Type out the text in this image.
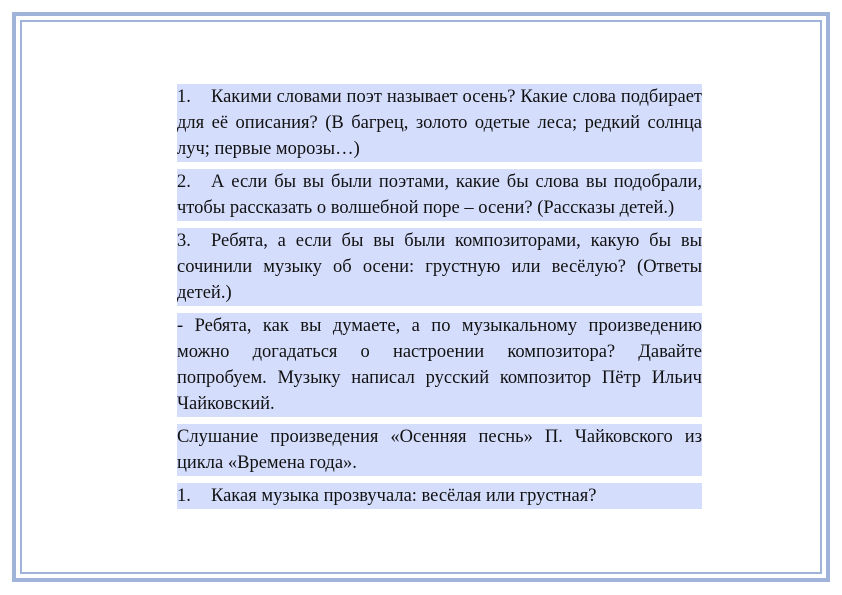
1. Какими словами поэт называет осень? Какие слова подбирает для её описания? (В багрец, золото одетые леса; редкий солнца луч; первые морозы…)

2. А если бы вы были поэтами, какие бы слова вы подобрали, чтобы рассказать о волшебной поре – осени? (Рассказы детей.)

3. Ребята, а если бы вы были композиторами, какую бы вы сочинили музыку об осени: грустную или весёлую? (Ответы детей.)

- Ребята, как вы думаете, а по музыкальному произведению можно догадаться о настроении композитора? Давайте попробуем. Музыку написал русский композитор Пётр Ильич Чайковский.

Слушание произведения «Осенняя песнь» П. Чайковского из цикла «Времена года».

1. Какая музыка прозвучала: весёлая или грустная?
